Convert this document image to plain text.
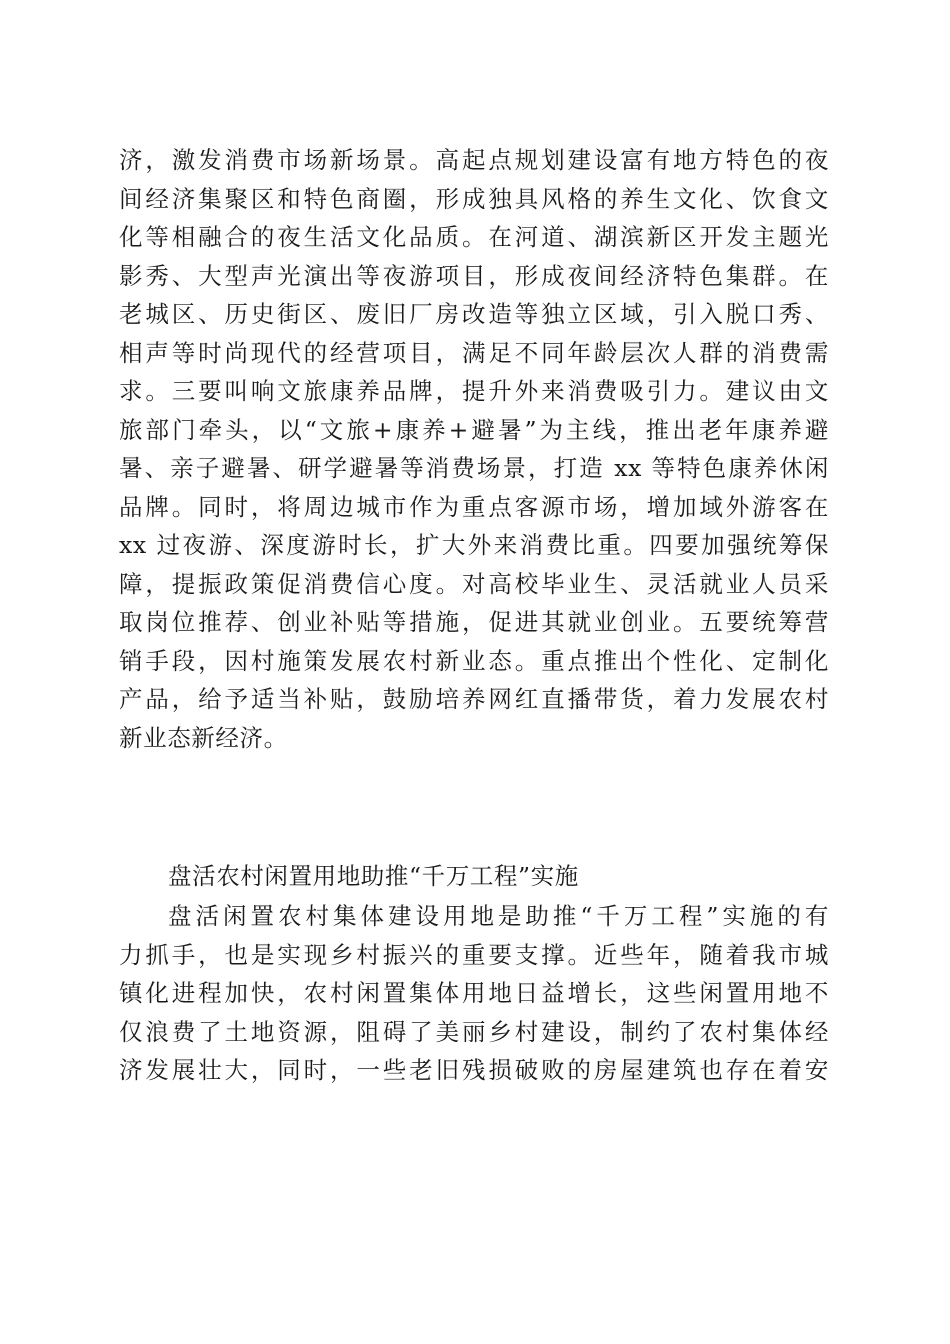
济，激发消费市场新场景。高起点规划建设富有地方特色的夜
间经济集聚区和特色商圈，形成独具风格的养生文化、饮食文
化等相融合的夜生活文化品质。在河道、湖滨新区开发主题光
影秀、大型声光演出等夜游项目，形成夜间经济特色集群。在
老城区、历史街区、废旧厂房改造等独立区域，引入脱口秀、
相声等时尚现代的经营项目，满足不同年龄层次人群的消费需
求。三要叫响文旅康养品牌，提升外来消费吸引力。建议由文
旅部门牵头，以“文旅+康养+避暑”为主线，推出老年康养避
暑、亲子避暑、研学避暑等消费场景，打造 xx 等特色康养休闲
品牌。同时，将周边城市作为重点客源市场，增加域外游客在
xx 过夜游、深度游时长，扩大外来消费比重。四要加强统筹保
障，提振政策促消费信心度。对高校毕业生、灵活就业人员采
取岗位推荐、创业补贴等措施，促进其就业创业。五要统筹营
销手段，因村施策发展农村新业态。重点推出个性化、定制化
产品，给予适当补贴，鼓励培养网红直播带货，着力发展农村
新业态新经济。
盘活农村闲置用地助推“千万工程”实施
盘活闲置农村集体建设用地是助推“千万工程”实施的有
力抓手，也是实现乡村振兴的重要支撑。近些年，随着我市城
镇化进程加快，农村闲置集体用地日益增长，这些闲置用地不
仅浪费了土地资源，阻碍了美丽乡村建设，制约了农村集体经
济发展壮大，同时，一些老旧残损破败的房屋建筑也存在着安
